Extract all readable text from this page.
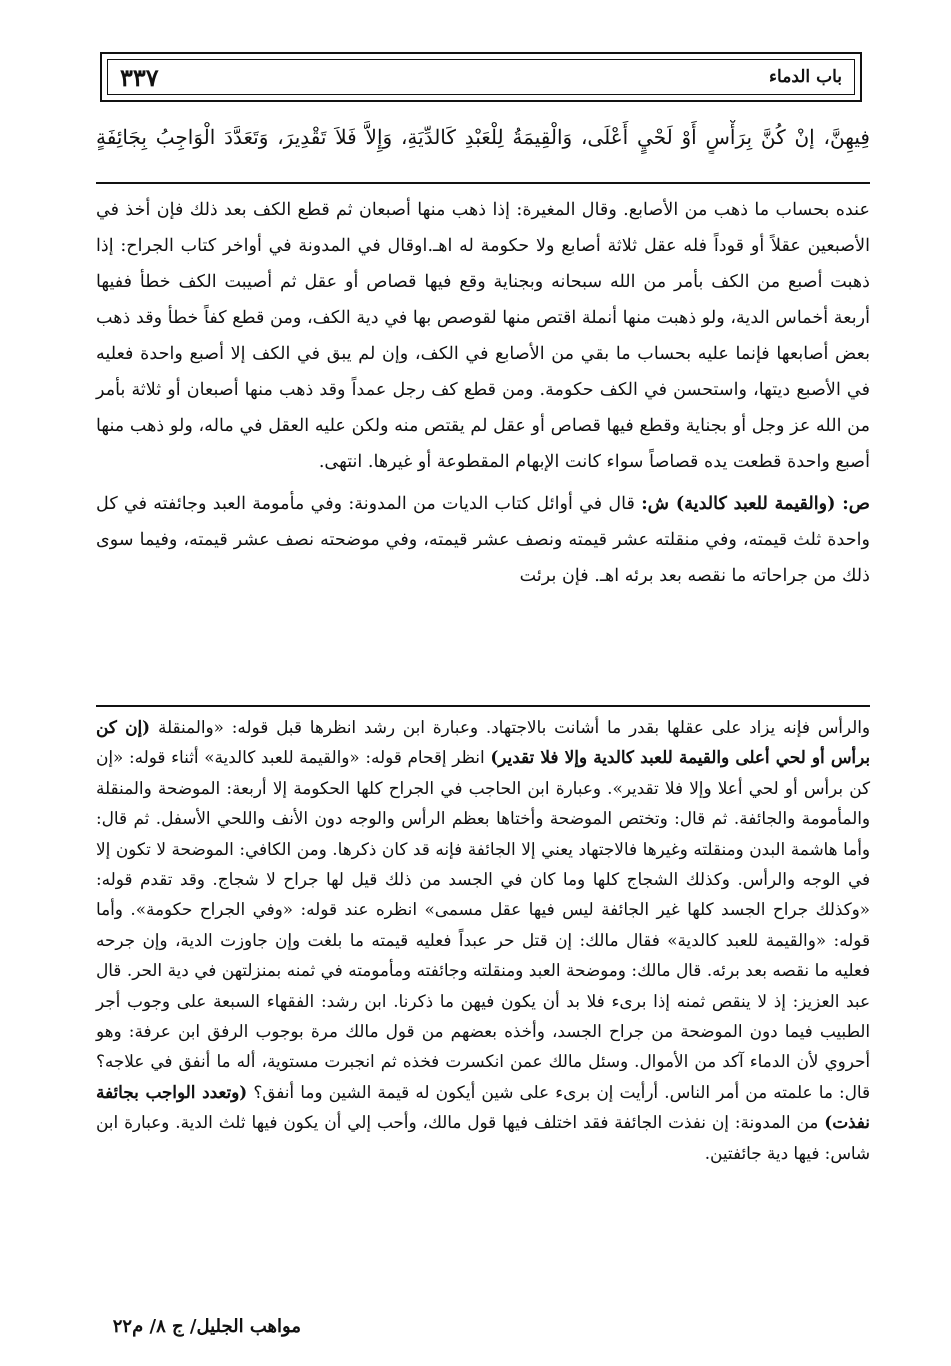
باب الدماء
٣٣٧
فِيهِنَّ، إنْ كُنَّ بِرَأْسٍ أَوْ لَحْيٍ أَعْلَى، وَالْقِيمَةُ لِلْعَبْدِ كَالدِّيَةِ، وَإِلاَّ فَلاَ تَقْدِيرَ، وَتَعَدَّدَ الْوَاجِبُ بِجَائِفَةٍ

عنده بحساب ما ذهب من الأصابع. وقال المغيرة: إذا ذهب منها أصبعان ثم قطع الكف بعد ذلك فإن أخذ في الأصبعين عقلاً أو قوداً فله عقل ثلاثة أصابع ولا حكومة له اهـ.اوقال في المدونة في أواخر كتاب الجراح: إذا ذهبت أصبع من الكف بأمر من الله سبحانه وبجناية وقع فيها قصاص أو عقل ثم أصيبت الكف خطأ ففيها أربعة أخماس الدية، ولو ذهبت منها أنملة اقتص منها لقوصص بها في دية الكف، ومن قطع كفاً خطأ وقد ذهب بعض أصابعها فإنما عليه بحساب ما بقي من الأصابع في الكف، وإن لم يبق في الكف إلا أصبع واحدة فعليه في الأصبع ديتها، واستحسن في الكف حكومة. ومن قطع كف رجل عمداً وقد ذهب منها أصبعان أو ثلاثة بأمر من الله عز وجل أو بجناية وقطع فيها قصاص أو عقل لم يقتص منه ولكن عليه العقل في ماله، ولو ذهب منها أصبع واحدة قطعت يده قصاصاً سواء كانت الإبهام المقطوعة أو غيرها. انتهى.

ص: (والقيمة للعبد كالدية) ش: قال في أوائل كتاب الديات من المدونة: وفي مأمومة العبد وجائفته في كل واحدة ثلث قيمته، وفي منقلته عشر قيمته ونصف عشر قيمته، وفي موضحته نصف عشر قيمته، وفيما سوى ذلك من جراحاته ما نقصه بعد برئه اهـ. فإن برئت

والرأس فإنه يزاد على عقلها بقدر ما أشانت بالاجتهاد. وعبارة ابن رشد انظرها قبل قوله: «والمنقلة (إن كن برأس أو لحي أعلى والقيمة للعبد كالدية وإلا فلا تقدير) انظر إقحام قوله: «والقيمة للعبد كالدية» أثناء قوله: «إن كن برأس أو لحي أعلا وإلا فلا تقدير». وعبارة ابن الحاجب في الجراح كلها الحكومة إلا أربعة: الموضحة والمنقلة والمأمومة والجائفة. ثم قال: وتختص الموضحة وأختاها بعظم الرأس والوجه دون الأنف واللحي الأسفل. ثم قال: وأما هاشمة البدن ومنقلته وغيرها فالاجتهاد يعني إلا الجائفة فإنه قد كان ذكرها. ومن الكافي: الموضحة لا تكون إلا في الوجه والرأس. وكذلك الشجاج كلها وما كان في الجسد من ذلك قيل لها جراح لا شجاج. وقد تقدم قوله: «وكذلك جراح الجسد كلها غير الجائفة ليس فيها عقل مسمى» انظره عند قوله: «وفي الجراح حكومة». وأما قوله: «والقيمة للعبد كالدية» فقال مالك: إن قتل حر عبداً فعليه قيمته ما بلغت وإن جاوزت الدية، وإن جرحه فعليه ما نقصه بعد برئه. قال مالك: وموضحة العبد ومنقلته وجائفته ومأمومته في ثمنه بمنزلتهن في دية الحر. قال عبد العزيز: إذ لا ينقص ثمنه إذا برىء فلا بد أن يكون فيهن ما ذكرنا. ابن رشد: الفقهاء السبعة على وجوب أجر الطبيب فيما دون الموضحة من جراح الجسد، وأخذه بعضهم من قول مالك مرة بوجوب الرفق ابن عرفة: وهو أحروي لأن الدماء آكد من الأموال. وسئل مالك عمن انكسرت فخذه ثم انجبرت مستوية، أله ما أنفق في علاجه؟ قال: ما علمته من أمر الناس. أرأيت إن برىء على شين أيكون له قيمة الشين وما أنفق؟ (وتعدد الواجب بجائفة نفذت) من المدونة: إن نفذت الجائفة فقد اختلف فيها قول مالك، وأحب إلي أن يكون فيها ثلث الدية. وعبارة ابن شاس: فيها دية جائفتين.

مواهب الجليل/ ج ٨/ م٢٢
